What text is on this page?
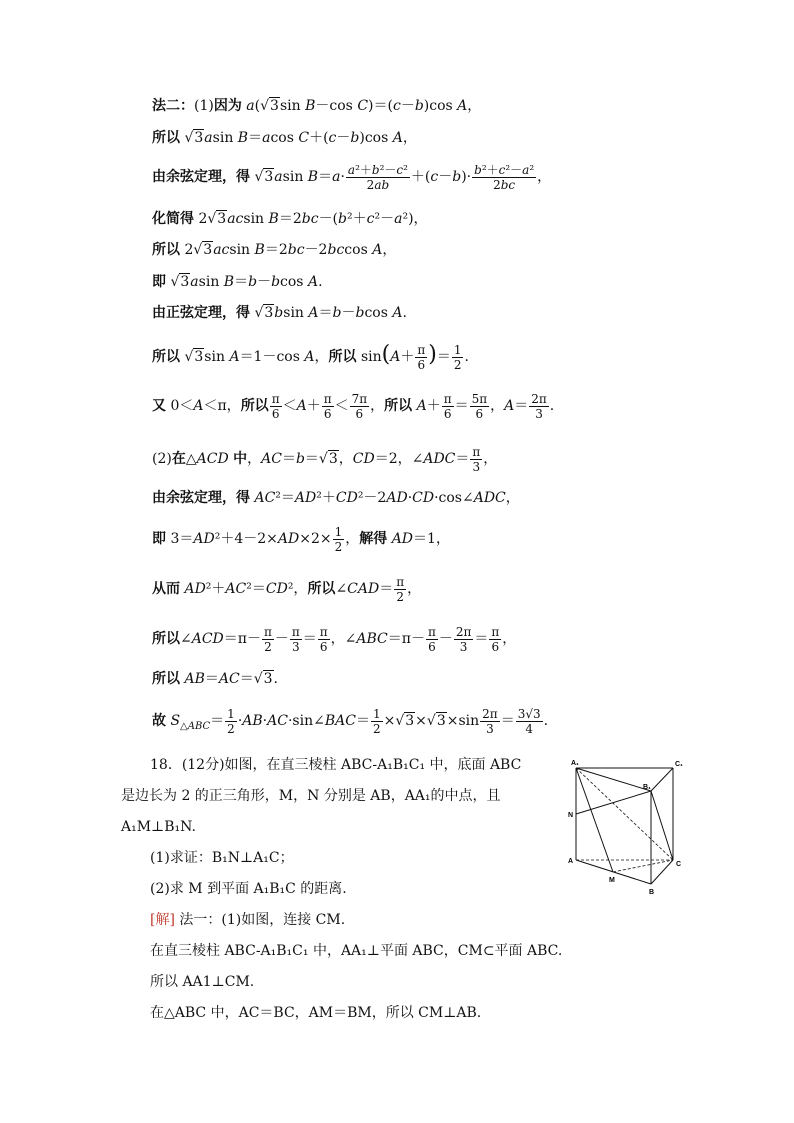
法二：(1)因为 a(√3sin B－cos C)＝(c－b)cos A，
所以 √3asin B＝acos C＋(c－b)cos A，
由余弦定理，得 √3asin $B=a\cdot \frac{\text{a²＋b²－c²}}{2ab} +(c-b)\cdot \frac{\text{b²＋c²－a²}}{2bc}$ ，
化简得 2√3acsin B＝2bc－(b²＋c²－a²)，
所以 2√3acsin B＝2bc－2bccos A，
即 √3asin B＝b－bcos A.
由正弦定理，得 √3bsin A＝b－bcos A.
所以 √3sin A＝1－cos A，所以 $\sin(A+ \frac{\pi}{6}$ )＝ $\frac{1}{2}$ .
又 0＜A＜π，所以 $\frac{\pi}{6} <A+ \frac{\pi}{6} < \frac{7\pi}{6}$ ，所以 $A+ \frac{\pi}{6} = \frac{5\pi}{6}$ ，$A= \frac{2\pi}{3}$ .
(2)在△ACD 中，AC＝b＝√3，CD＝2，∠ADC＝ $\frac{\pi}{3}$ ，
由余弦定理，得 AC²＝AD²＋CD²－2AD·CD·cos∠ADC，
即 $3=AD^2+4-2\times AD\times 2\times \frac{1}{2}$ ，解得 AD＝1，
从而 AD²＋AC²＝CD²，所以∠CAD＝ $\frac{\pi}{2}$ ，
所以∠ACD＝π－ $\frac{\pi}{2} - \frac{\pi}{3} = \frac{\pi}{6}$ ，∠ABC＝π－ $\frac{\pi}{6} - \frac{2\pi}{3} = \frac{\pi}{6}$ ，
所以 AB＝AC＝√3.
故 $S_{\triangle ABC}= \frac{1}{2}$ ·AB·AC·sin∠BAC＝ $\frac{1}{2} \times√3\times√3\times\sin \frac{2\pi}{3} = \frac{3√3}{4}$ .
18．(12分)如图，在直三棱柱 ABC-A₁B₁C₁ 中，底面 ABC
是边长为 2 的正三角形，M，N 分别是 AB，AA₁的中点，且
A₁M⊥B₁N.
(1)求证：B₁N⊥A₁C；
(2)求 M 到平面 A₁B₁C 的距离.
[解] 法一：(1)如图，连接 CM.
在直三棱柱 ABC-A₁B₁C₁ 中，AA₁⊥平面 ABC，CM⊂平面 ABC.
所以 AA1⊥CM.
在△ABC 中，AC＝BC，AM＝BM，所以 CM⊥AB.
A₁	C₁
B₁
N
A	C
M
B
